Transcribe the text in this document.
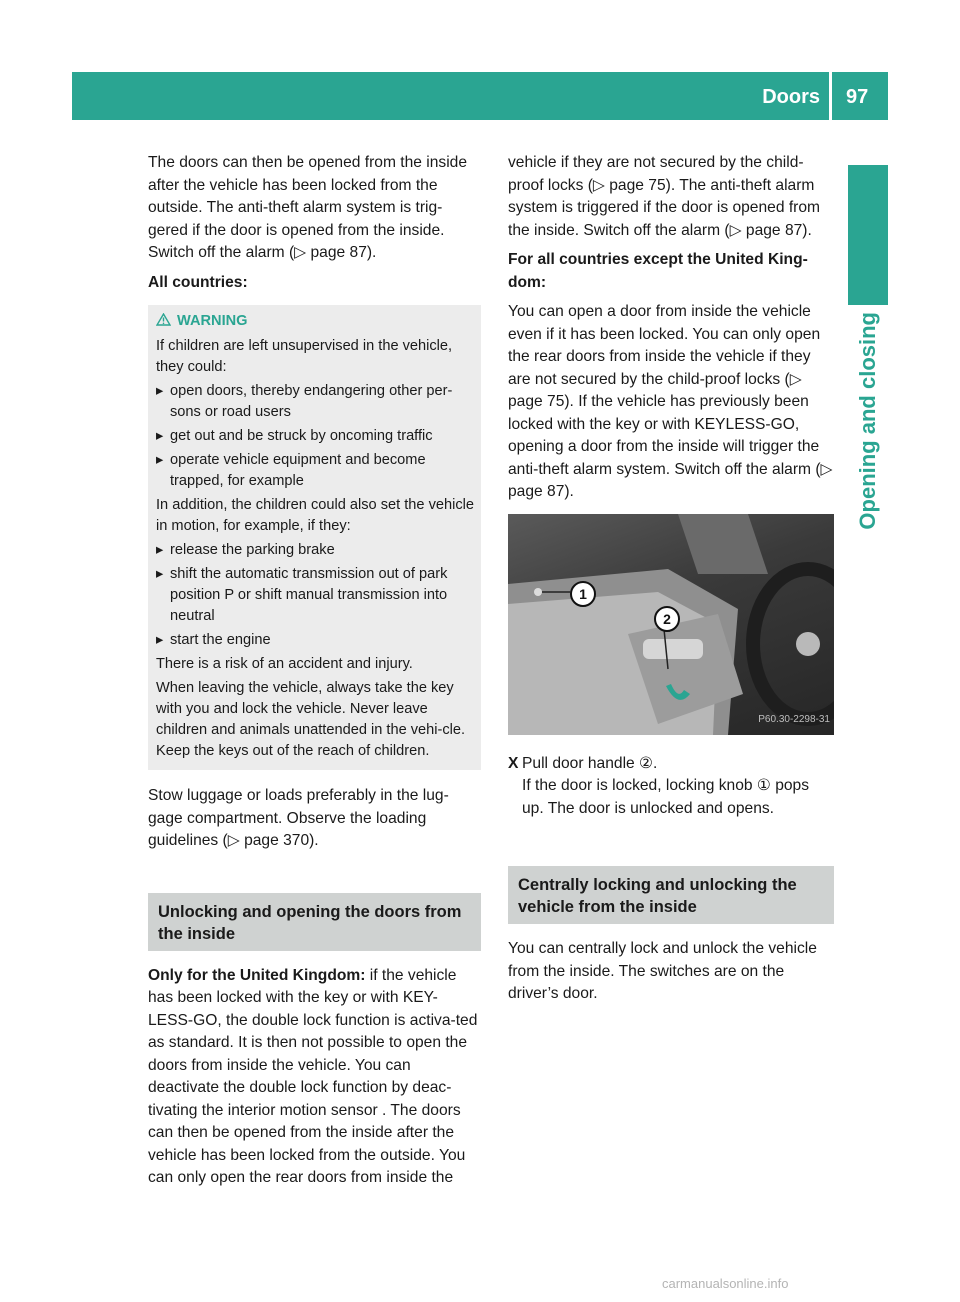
Doors 97
Opening and closing

The doors can then be opened from the inside after the vehicle has been locked from the outside. The anti-theft alarm system is trig-gered if the door is opened from the inside. Switch off the alarm (▷ page 87).

All countries:

WARNING

If children are left unsupervised in the vehicle, they could:

▸ open doors, thereby endangering other per-sons or road users
▸ get out and be struck by oncoming traffic
▸ operate vehicle equipment and become trapped, for example

In addition, the children could also set the vehicle in motion, for example, if they:

▸ release the parking brake
▸ shift the automatic transmission out of park position P or shift manual transmission into neutral
▸ start the engine

There is a risk of an accident and injury.

When leaving the vehicle, always take the key with you and lock the vehicle. Never leave children and animals unattended in the vehi-cle. Keep the keys out of the reach of children.

Stow luggage or loads preferably in the lug-gage compartment. Observe the loading guidelines (▷ page 370).

Unlocking and opening the doors from the inside

Only for the United Kingdom: if the vehicle has been locked with the key or with KEY-LESS-GO, the double lock function is activa-ted as standard. It is then not possible to open the doors from inside the vehicle. You can deactivate the double lock function by deac-tivating the interior motion sensor . The doors can then be opened from the inside after the vehicle has been locked from the outside. You can only open the rear doors from inside the

vehicle if they are not secured by the child-proof locks (▷ page 75). The anti-theft alarm system is triggered if the door is opened from the inside. Switch off the alarm (▷ page 87).

For all countries except the United King-dom:

You can open a door from inside the vehicle even if it has been locked. You can only open the rear doors from inside the vehicle if they are not secured by the child-proof locks (▷ page 75). If the vehicle has previously been locked with the key or with KEYLESS-GO, opening a door from the inside will trigger the anti-theft alarm system. Switch off the alarm (▷ page 87).

1
2
P60.30-2298-31
X Pull door handle ②.
If the door is locked, locking knob ① pops up. The door is unlocked and opens.
Centrally locking and unlocking the vehicle from the inside

You can centrally lock and unlock the vehicle from the inside. The switches are on the driver’s door.

carmanualsonline.info
